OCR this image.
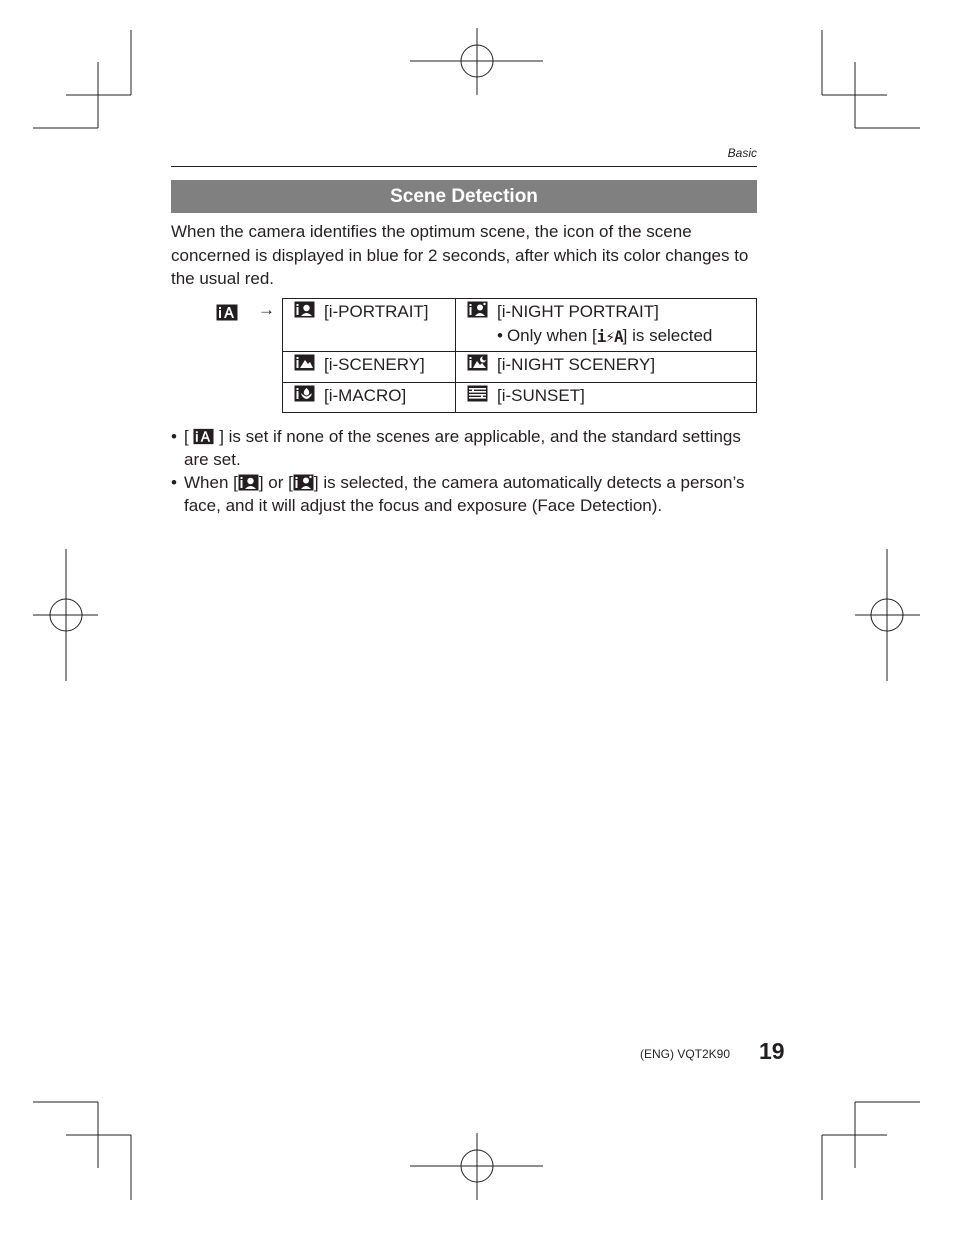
Basic
Scene Detection

When the camera identifies the optimum scene, the icon of the scene concerned is displayed in blue for 2 seconds, after which its color changes to the usual red.

→	[i-PORTRAIT]	[i-NIGHT PORTRAIT]
• Only when [ i⚡A ] is selected

[i-SCENERY]	[i-NIGHT SCENERY]

[i-MACRO]	[i-SUNSET]
• [ ] is set if none of the scenes are applicable, and the standard settings are set.
• When [ ] or [ ] is selected, the camera automatically detects a person’s face, and it will adjust the focus and exposure (Face Detection).
(ENG) VQT2K90 19
